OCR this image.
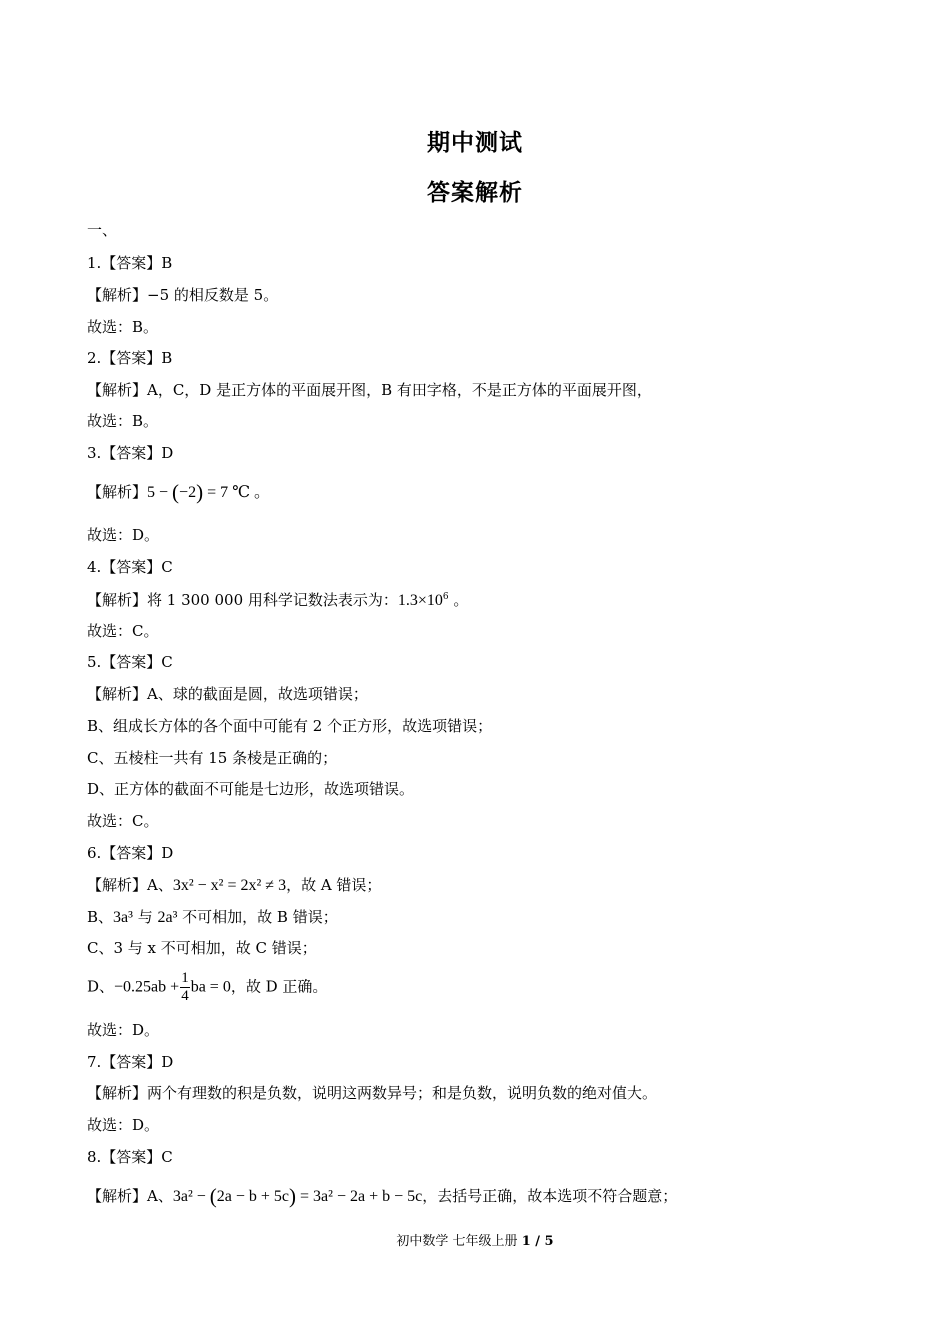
期中测试
答案解析
一、
1.【答案】B
【解析】−5 的相反数是 5。
故选：B。
2.【答案】B
【解析】A，C，D 是正方体的平面展开图，B 有田字格，不是正方体的平面展开图，
故选：B。
3.【答案】D
【解析】5 − (−2) = 7 ℃ 。
故选：D。
4.【答案】C
【解析】将 1 300 000 用科学记数法表示为：$1.3\times 10^6$ 。
故选：C。
5.【答案】C
【解析】A、球的截面是圆，故选项错误；
B、组成长方体的各个面中可能有 2 个正方形，故选项错误；
C、五棱柱一共有 15 条棱是正确的；
D、正方体的截面不可能是七边形，故选项错误。
故选：C。
6.【答案】D
【解析】A、3x² − x² = 2x² ≠ 3，故 A 错误；
B、3a³ 与 2a³ 不可相加，故 B 错误；
C、3 与 x 不可相加，故 C 错误；
D、$-0.25ab + \frac{1}{4}$ ba = 0，故 D 正确。
故选：D。
7.【答案】D
【解析】两个有理数的积是负数，说明这两数异号；和是负数，说明负数的绝对值大。
故选：D。
8.【答案】C
【解析】A、3a² − (2a − b + 5c) = 3a² − 2a + b − 5c，去括号正确，故本选项不符合题意；
初中数学 七年级上册 1 / 5
